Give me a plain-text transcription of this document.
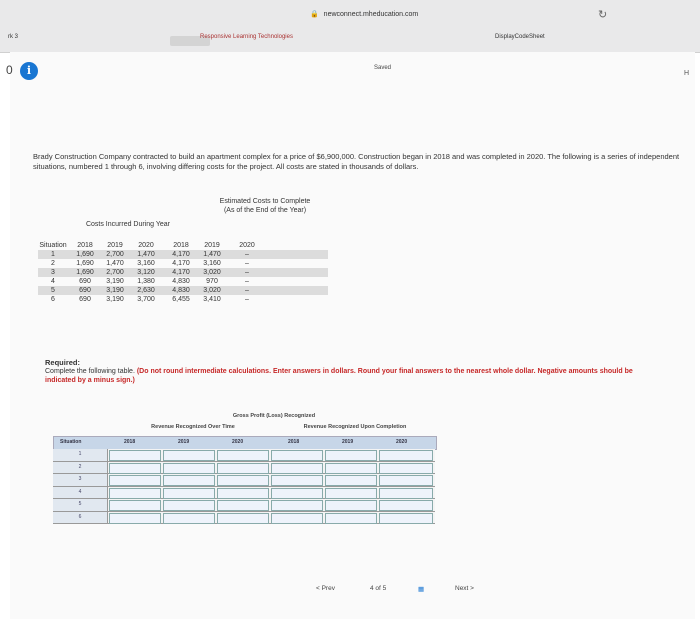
🔒 newconnect.mheducation.com	↻
rk 3	Responsive Learning Technologies	DisplayCodeSheet
0	i	Saved
H
Brady Construction Company contracted to build an apartment complex for a price of $6,900,000. Construction began in 2018 and was completed in 2020. The following is a series of independent situations, numbered 1 through 6, involving differing costs for the project. All costs are stated in thousands of dollars.
Estimated Costs to Complete (As of the End of the Year)
Costs Incurred During Year
Situation	2018	2019	2020	2018	2019	2020
1	1,690	2,700	1,470	4,170	1,470	–
2	1,690	1,470	3,160	4,170	3,160	–
3	1,690	2,700	3,120	4,170	3,020	–
4	690	3,190	1,380	4,830	970	–
5	690	3,190	2,630	4,830	3,020	–
6	690	3,190	3,700	6,455	3,410	–
Required:
Complete the following table. (Do not round intermediate calculations. Enter answers in dollars. Round your final answers to the nearest whole dollar. Negative amounts should be indicated by a minus sign.)
Gross Profit (Loss) Recognized
Revenue Recognized Over Time	Revenue Recognized Upon Completion
Situation	2018	2019	2020	2018	2019	2020
1
2
3
4
5
6
< Prev	4 of 5	▦	Next >
